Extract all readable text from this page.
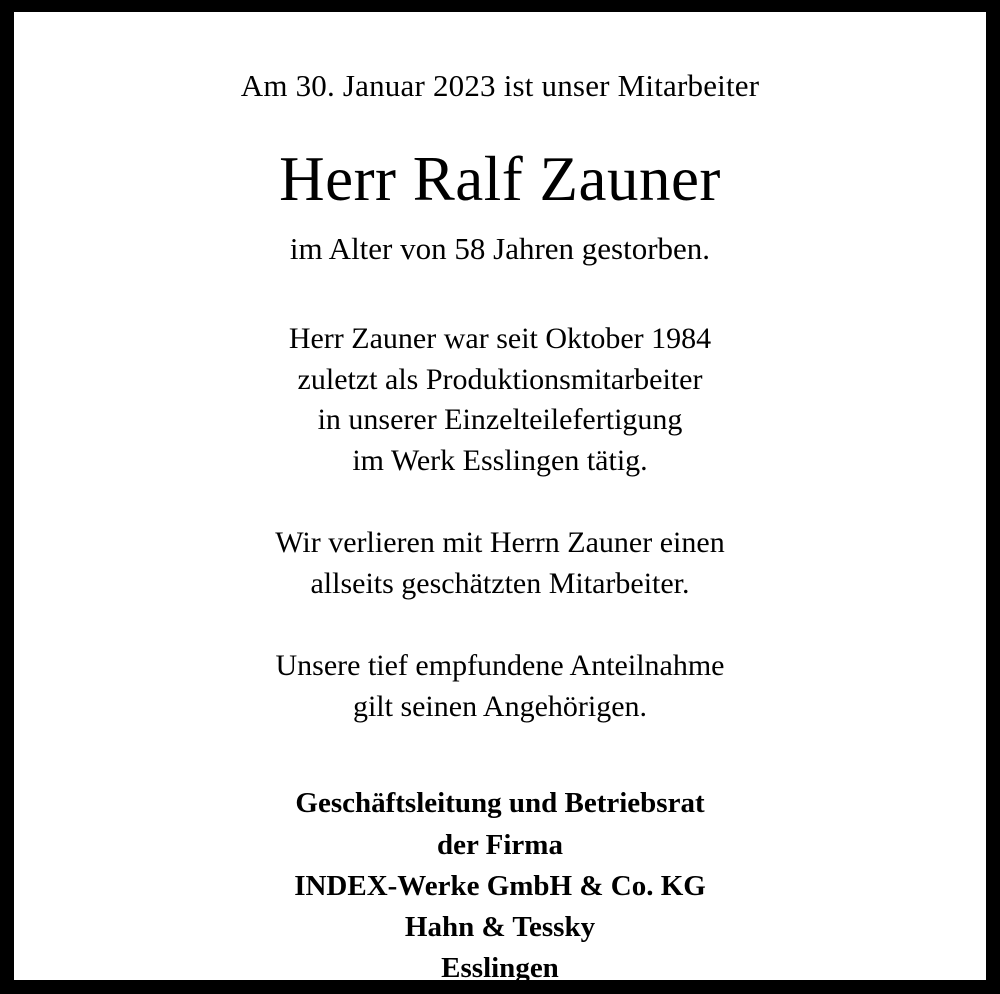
Am 30. Januar 2023 ist unser Mitarbeiter
Herr Ralf Zauner
im Alter von 58 Jahren gestorben.
Herr Zauner war seit Oktober 1984
zuletzt als Produktionsmitarbeiter
in unserer Einzelteilefertigung
im Werk Esslingen tätig.
Wir verlieren mit Herrn Zauner einen
allseits geschätzten Mitarbeiter.
Unsere tief empfundene Anteilnahme
gilt seinen Angehörigen.
Geschäftsleitung und Betriebsrat
der Firma
INDEX-Werke GmbH & Co. KG
Hahn & Tessky
Esslingen
